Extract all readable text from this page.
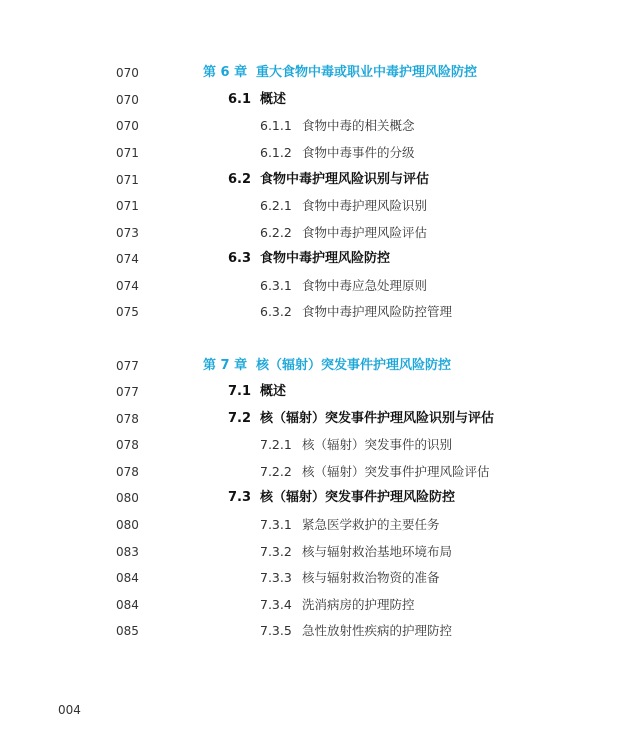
070	第 6 章 重大食物中毒或职业中毒护理风险防控
070	6.1 概述
070	6.1.1 食物中毒的相关概念
071	6.1.2 食物中毒事件的分级
071	6.2 食物中毒护理风险识别与评估
071	6.2.1 食物中毒护理风险识别
073	6.2.2 食物中毒护理风险评估
074	6.3 食物中毒护理风险防控
074	6.3.1 食物中毒应急处理原则
075	6.3.2 食物中毒护理风险防控管理
077	第 7 章 核（辐射）突发事件护理风险防控
077	7.1 概述
078	7.2 核（辐射）突发事件护理风险识别与评估
078	7.2.1 核（辐射）突发事件的识别
078	7.2.2 核（辐射）突发事件护理风险评估
080	7.3 核（辐射）突发事件护理风险防控
080	7.3.1 紧急医学救护的主要任务
083	7.3.2 核与辐射救治基地环境布局
084	7.3.3 核与辐射救治物资的准备
084	7.3.4 洗消病房的护理防控
085	7.3.5 急性放射性疾病的护理防控
004
